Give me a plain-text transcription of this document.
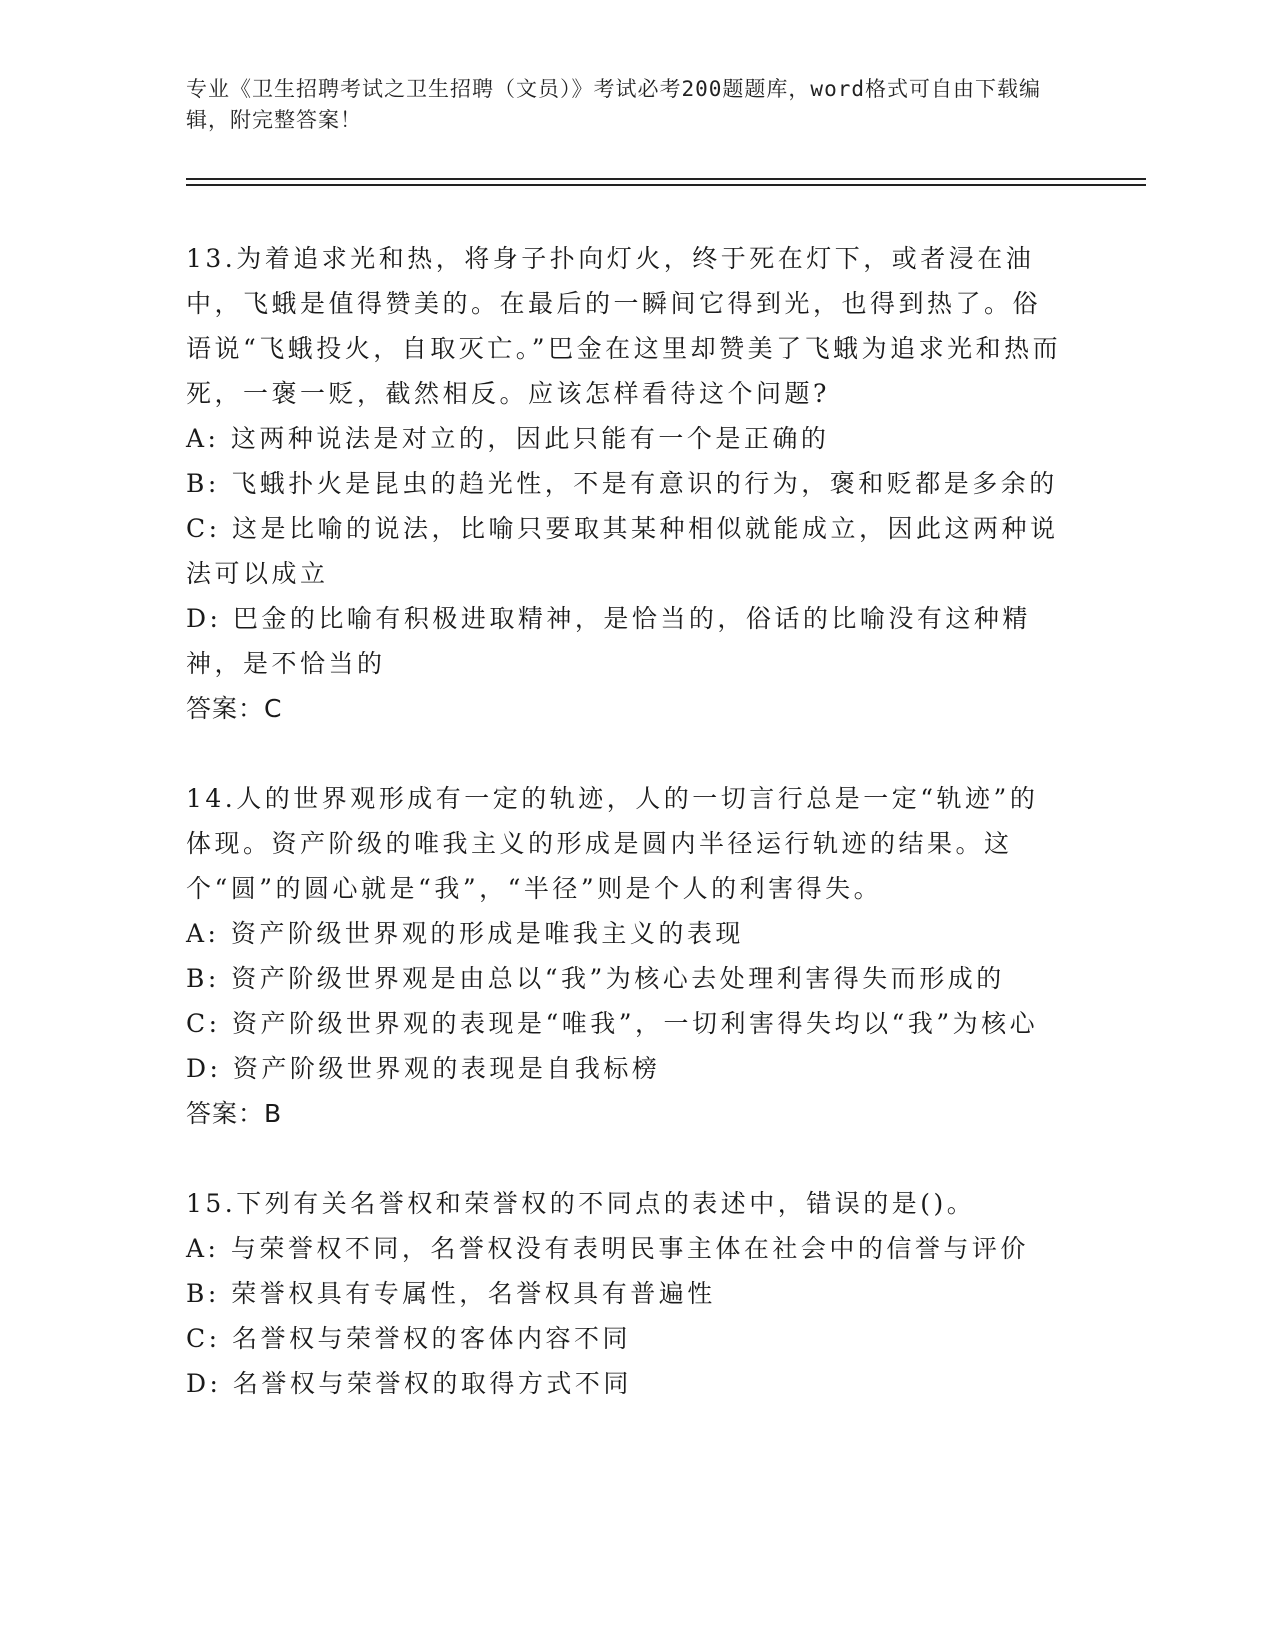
专业《卫生招聘考试之卫生招聘（文员）》考试必考200题题库，word格式可自由下载编辑，附完整答案！

13.为着追求光和热，将身子扑向灯火，终于死在灯下，或者浸在油中，飞蛾是值得赞美的。在最后的一瞬间它得到光，也得到热了。俗语说“飞蛾投火，自取灭亡。”巴金在这里却赞美了飞蛾为追求光和热而死，一褒一贬，截然相反。应该怎样看待这个问题?

A: 这两种说法是对立的，因此只能有一个是正确的

B: 飞蛾扑火是昆虫的趋光性，不是有意识的行为，褒和贬都是多余的

C: 这是比喻的说法，比喻只要取其某种相似就能成立，因此这两种说法可以成立

D: 巴金的比喻有积极进取精神，是恰当的，俗话的比喻没有这种精神，是不恰当的

答案：C

14.人的世界观形成有一定的轨迹，人的一切言行总是一定“轨迹”的体现。资产阶级的唯我主义的形成是圆内半径运行轨迹的结果。这个“圆”的圆心就是“我”，“半径”则是个人的利害得失。

A: 资产阶级世界观的形成是唯我主义的表现

B: 资产阶级世界观是由总以“我”为核心去处理利害得失而形成的

C: 资产阶级世界观的表现是“唯我”，一切利害得失均以“我”为核心

D: 资产阶级世界观的表现是自我标榜

答案：B

15.下列有关名誉权和荣誉权的不同点的表述中，错误的是()。

A: 与荣誉权不同，名誉权没有表明民事主体在社会中的信誉与评价

B: 荣誉权具有专属性，名誉权具有普遍性

C: 名誉权与荣誉权的客体内容不同

D: 名誉权与荣誉权的取得方式不同
